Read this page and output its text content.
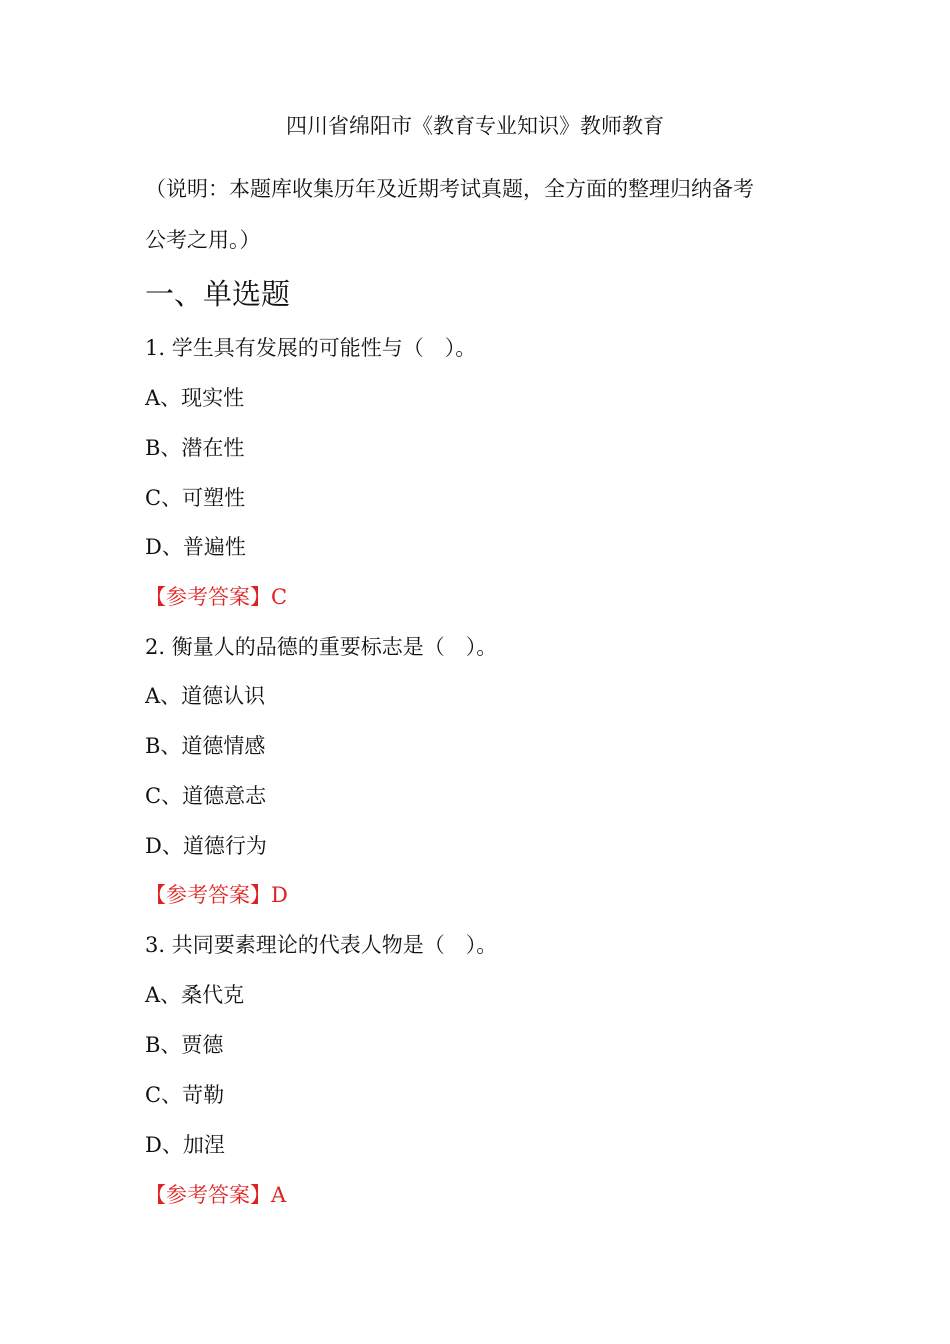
四川省绵阳市《教育专业知识》教师教育
（说明：本题库收集历年及近期考试真题，全方面的整理归纳备考
公考之用。）
一、单选题
1. 学生具有发展的可能性与（　）。
A、现实性
B、潜在性
C、可塑性
D、普遍性
【参考答案】C
2. 衡量人的品德的重要标志是（　）。
A、道德认识
B、道德情感
C、道德意志
D、道德行为
【参考答案】D
3. 共同要素理论的代表人物是（　）。
A、桑代克
B、贾德
C、苛勒
D、加涅
【参考答案】A
